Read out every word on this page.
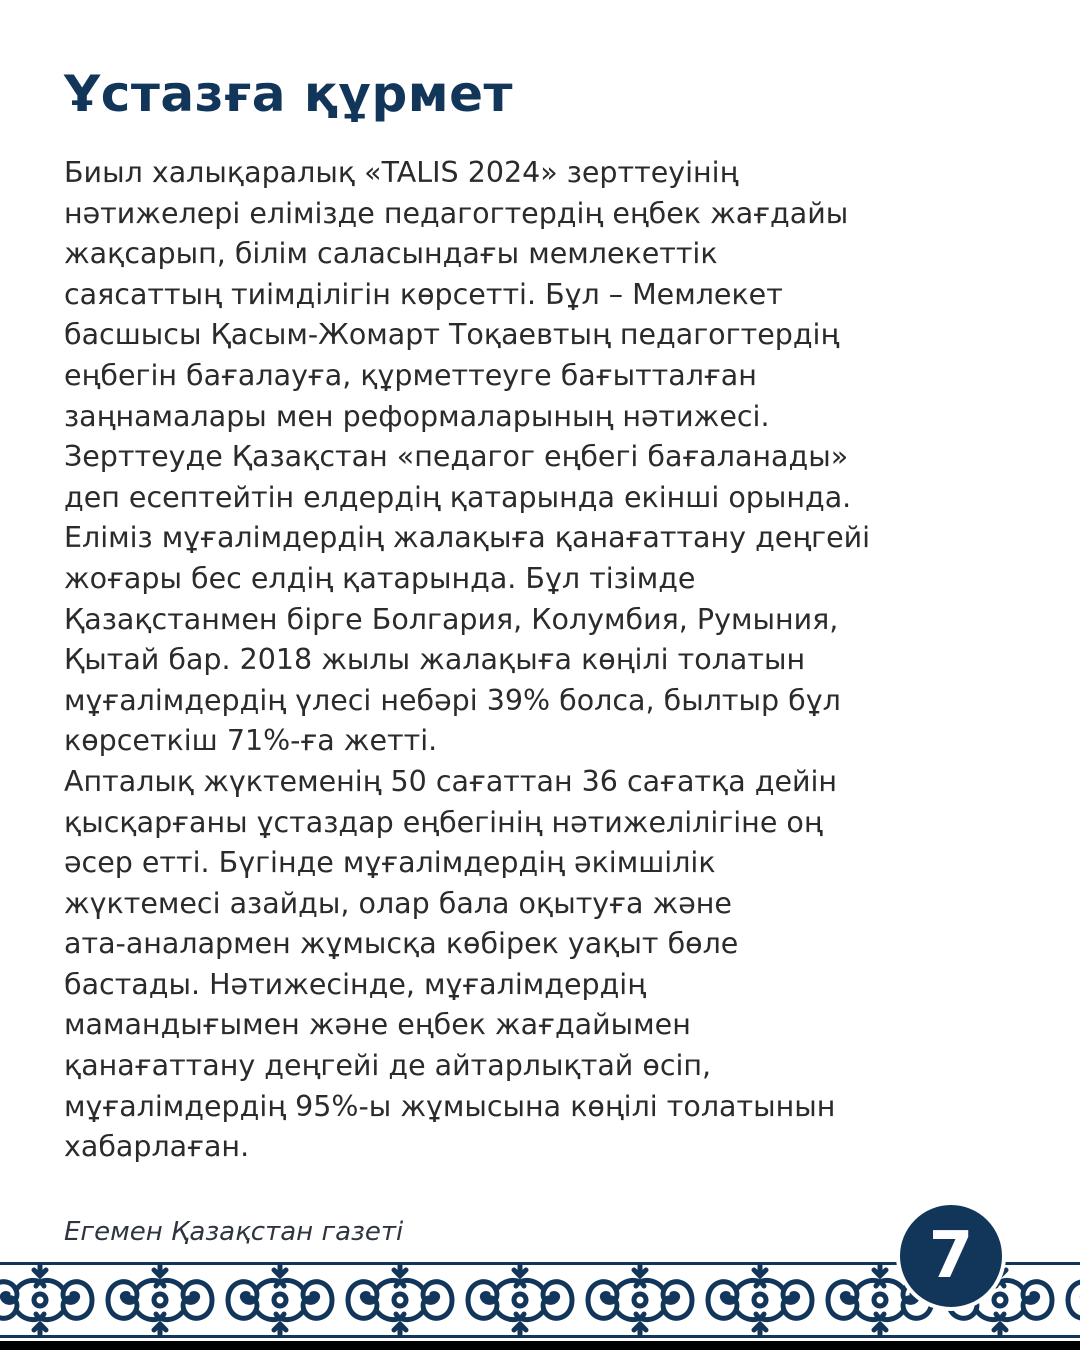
Ұстазға құрмет
Биыл халықаралық «TALIS 2024» зерттеуінің
нәтижелері елімізде педагогтердің еңбек жағдайы
жақсарып, білім саласындағы мемлекеттік
саясаттың тиімділігін көрсетті. Бұл – Мемлекет
басшысы Қасым-Жомарт Тоқаевтың педагогтердің
еңбегін бағалауға, құрметтеуге бағытталған
заңнамалары мен реформаларының нәтижесі.
Зерттеуде Қазақстан «педагог еңбегі бағаланады»
деп есептейтін елдердің қатарында екінші орында.
Еліміз мұғалімдердің жалақыға қанағаттану деңгейі
жоғары бес елдің қатарында. Бұл тізімде
Қазақстанмен бірге Болгария, Колумбия, Румыния,
Қытай бар. 2018 жылы жалақыға көңілі толатын
мұғалімдердің үлесі небәрі 39% болса, былтыр бұл
көрсеткіш 71%-ға жетті.
Апталық жүктеменің 50 сағаттан 36 сағатқа дейін
қысқарғаны ұстаздар еңбегінің нәтижелілігіне оң
әсер етті. Бүгінде мұғалімдердің әкімшілік
жүктемесі азайды, олар бала оқытуға және
ата-аналармен жұмысқа көбірек уақыт бөле
бастады. Нәтижесінде, мұғалімдердің
мамандығымен және еңбек жағдайымен
қанағаттану деңгейі де айтарлықтай өсіп,
мұғалімдердің 95%-ы жұмысына көңілі толатынын
хабарлаған.
Егемен Қазақстан газеті	7
